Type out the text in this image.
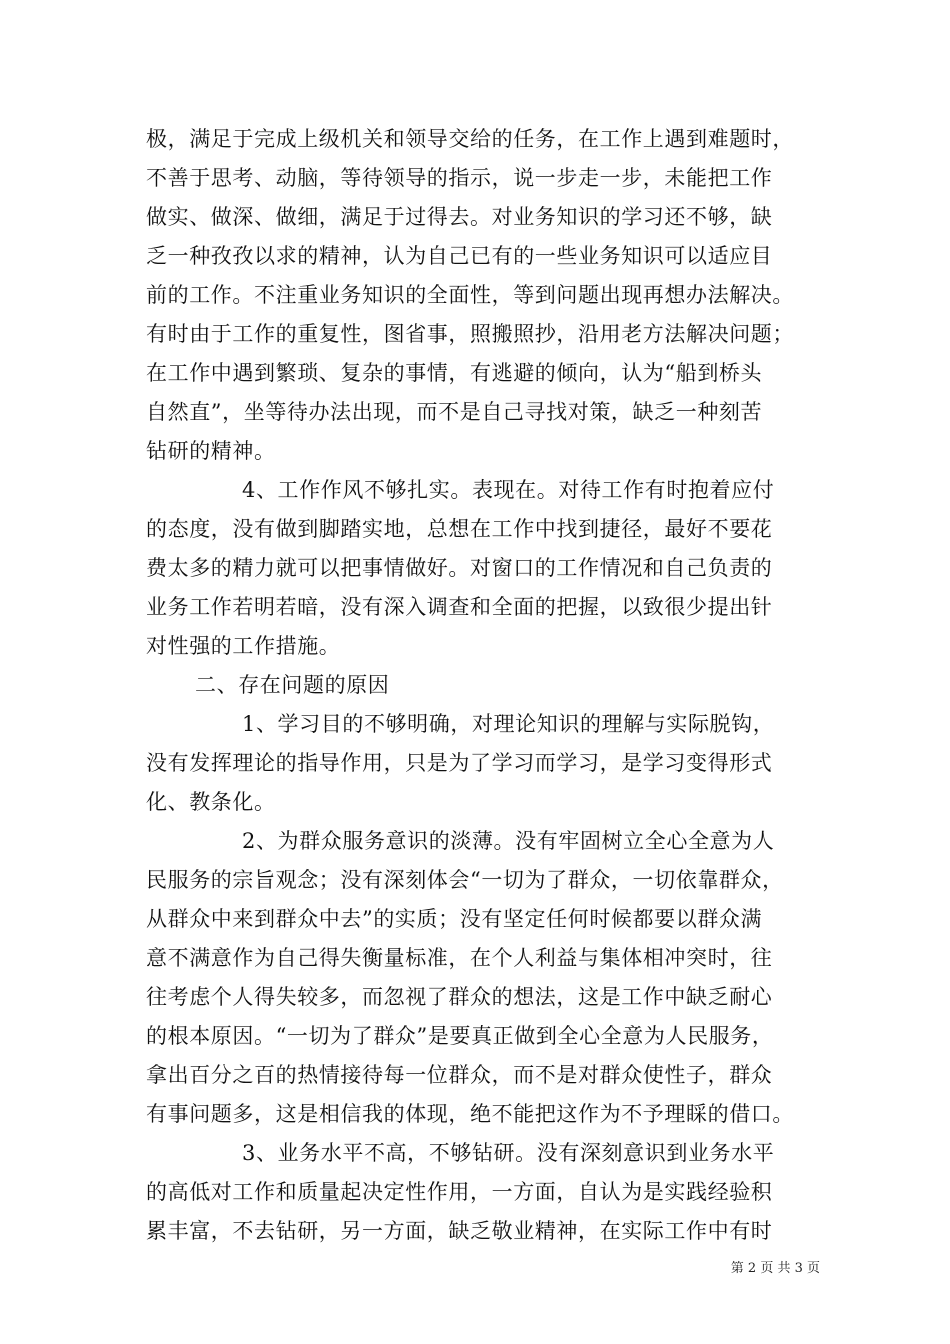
极，满足于完成上级机关和领导交给的任务，在工作上遇到难题时，
不善于思考、动脑，等待领导的指示，说一步走一步，未能把工作
做实、做深、做细，满足于过得去。对业务知识的学习还不够，缺
乏一种孜孜以求的精神，认为自己已有的一些业务知识可以适应目
前的工作。不注重业务知识的全面性，等到问题出现再想办法解决。
有时由于工作的重复性，图省事，照搬照抄，沿用老方法解决问题；
在工作中遇到繁琐、复杂的事情，有逃避的倾向，认为“船到桥头
自然直”，坐等待办法出现，而不是自己寻找对策，缺乏一种刻苦
钻研的精神。
4、工作作风不够扎实。表现在。对待工作有时抱着应付
的态度，没有做到脚踏实地，总想在工作中找到捷径，最好不要花
费太多的精力就可以把事情做好。对窗口的工作情况和自己负责的
业务工作若明若暗，没有深入调查和全面的把握，以致很少提出针
对性强的工作措施。
二、存在问题的原因
1、学习目的不够明确，对理论知识的理解与实际脱钩，
没有发挥理论的指导作用，只是为了学习而学习，是学习变得形式
化、教条化。
2、为群众服务意识的淡薄。没有牢固树立全心全意为人
民服务的宗旨观念；没有深刻体会“一切为了群众，一切依靠群众，
从群众中来到群众中去”的实质；没有坚定任何时候都要以群众满
意不满意作为自己得失衡量标准，在个人利益与集体相冲突时，往
往考虑个人得失较多，而忽视了群众的想法，这是工作中缺乏耐心
的根本原因。“一切为了群众”是要真正做到全心全意为人民服务，
拿出百分之百的热情接待每一位群众，而不是对群众使性子，群众
有事问题多，这是相信我的体现，绝不能把这作为不予理睬的借口。
3、业务水平不高，不够钻研。没有深刻意识到业务水平
的高低对工作和质量起决定性作用，一方面，自认为是实践经验积
累丰富，不去钻研，另一方面，缺乏敬业精神，在实际工作中有时
第 2 页 共 3 页
